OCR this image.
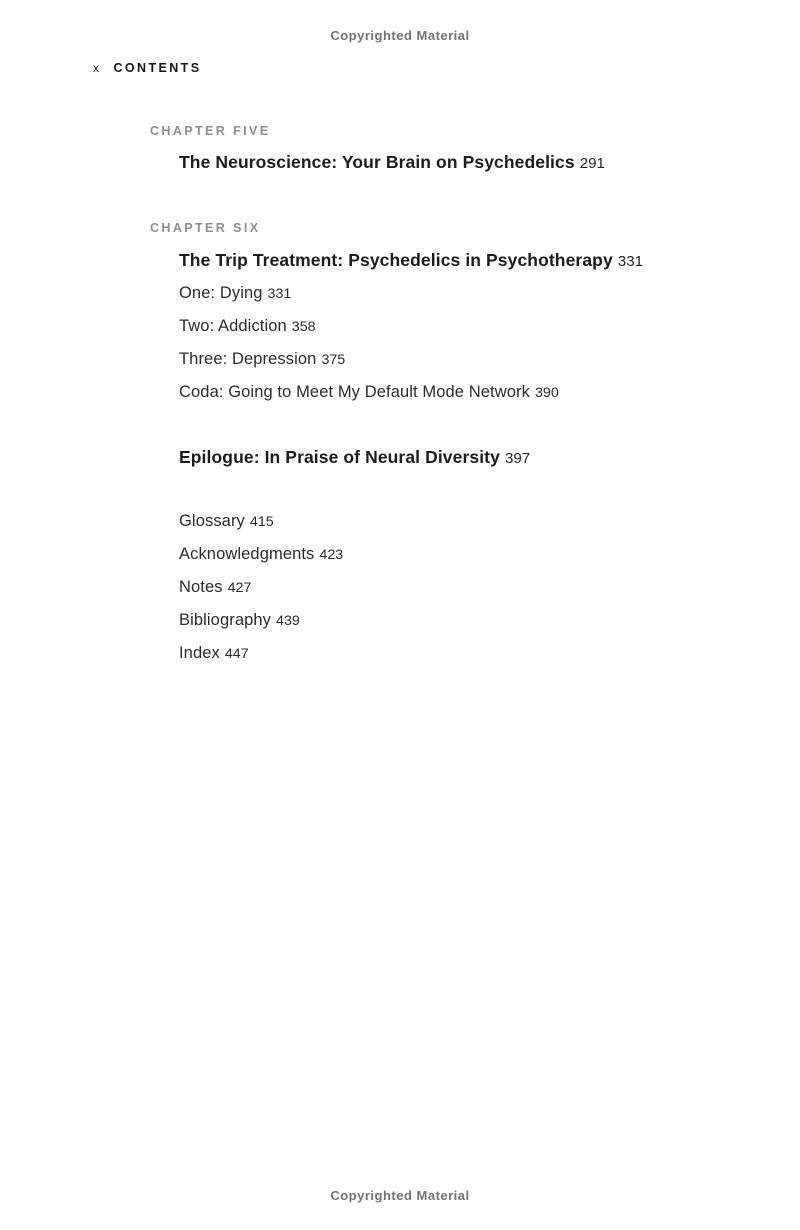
Copyrighted Material
x CONTENTS
CHAPTER FIVE
The Neuroscience: Your Brain on Psychedelics 291
CHAPTER SIX
The Trip Treatment: Psychedelics in Psychotherapy 331
One: Dying 331
Two: Addiction 358
Three: Depression 375
Coda: Going to Meet My Default Mode Network 390
Epilogue: In Praise of Neural Diversity 397
Glossary 415
Acknowledgments 423
Notes 427
Bibliography 439
Index 447
Copyrighted Material
